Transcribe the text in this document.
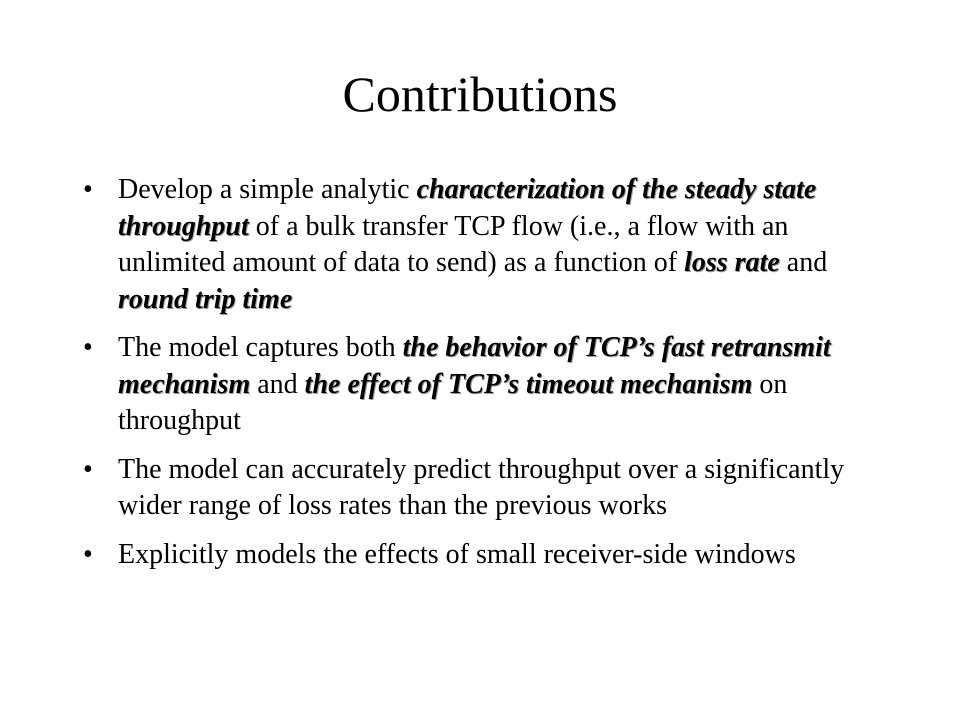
Contributions
• Develop a simple analytic characterization of the steady state throughput of a bulk transfer TCP flow (i.e., a flow with an unlimited amount of data to send) as a function of loss rate and round trip time
• The model captures both the behavior of TCP’s fast retransmit mechanism and the effect of TCP’s timeout mechanism on throughput
• The model can accurately predict throughput over a significantly wider range of loss rates than the previous works
• Explicitly models the effects of small receiver-side windows
